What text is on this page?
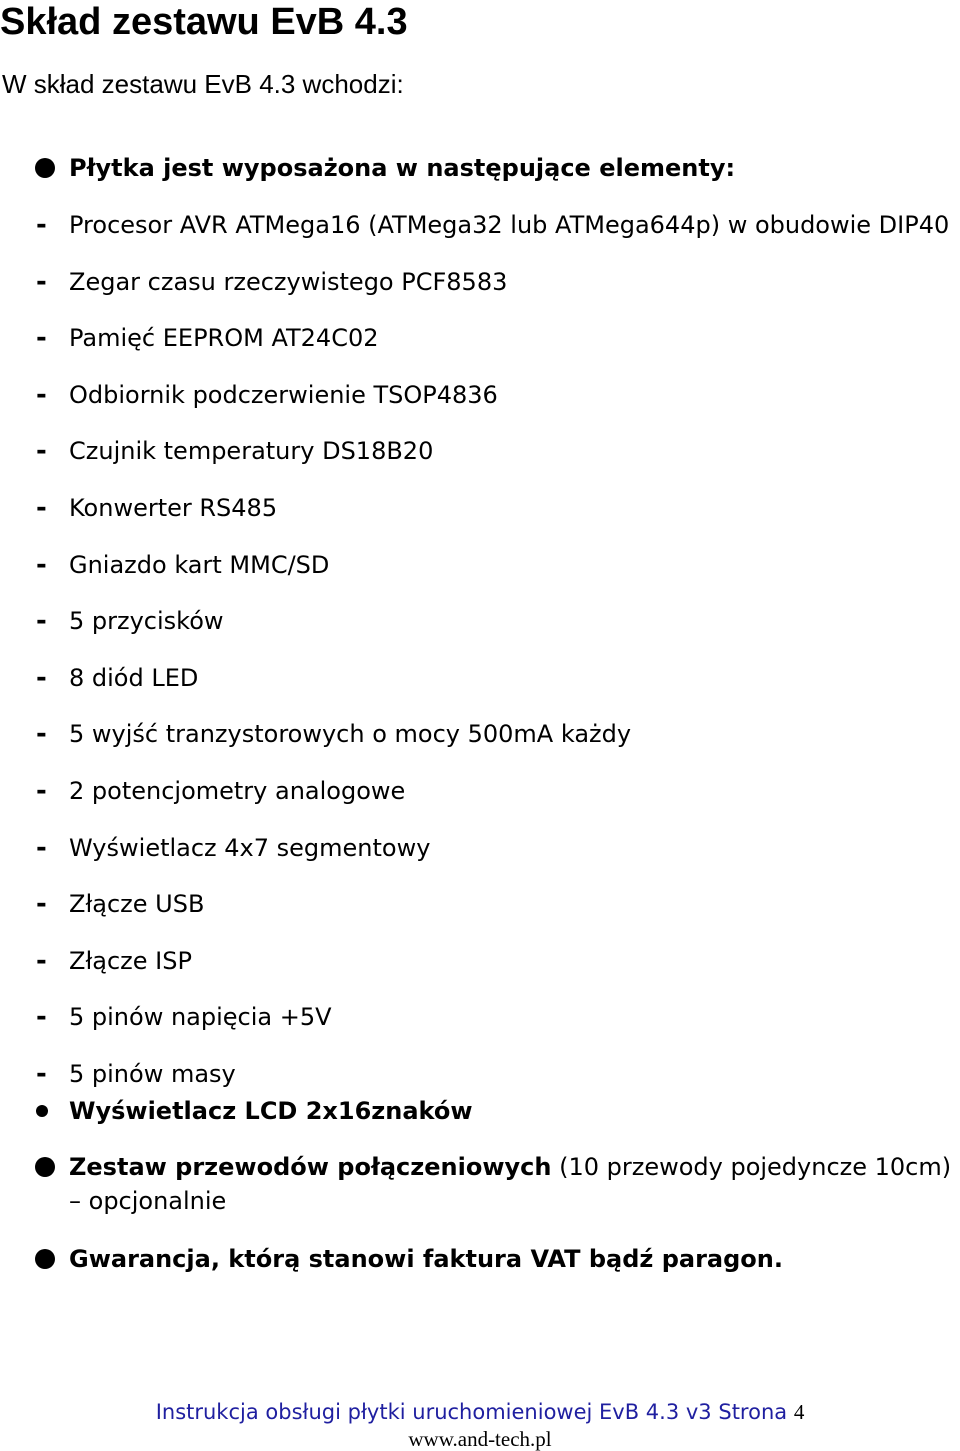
Skład zestawu EvB 4.3
W skład zestawu EvB 4.3 wchodzi:
Płytka jest wyposażona w następujące elementy:
- Procesor AVR ATMega16 (ATMega32 lub ATMega644p) w obudowie DIP40
- Zegar czasu rzeczywistego PCF8583
- Pamięć EEPROM AT24C02
- Odbiornik podczerwienie TSOP4836
- Czujnik temperatury DS18B20
- Konwerter RS485
- Gniazdo kart MMC/SD
- 5 przycisków
- 8 diód LED
- 5 wyjść tranzystorowych o mocy 500mA każdy
- 2 potencjometry analogowe
- Wyświetlacz 4x7 segmentowy
- Złącze USB
- Złącze ISP
- 5 pinów napięcia +5V
- 5 pinów masy
Wyświetlacz LCD 2x16znaków
Zestaw przewodów połączeniowych (10 przewody pojedyncze 10cm) – opcjonalnie
Gwarancja, którą stanowi faktura VAT bądź paragon.
Instrukcja obsługi płytki uruchomieniowej EvB 4.3 v3 Strona 4
www.and-tech.pl
